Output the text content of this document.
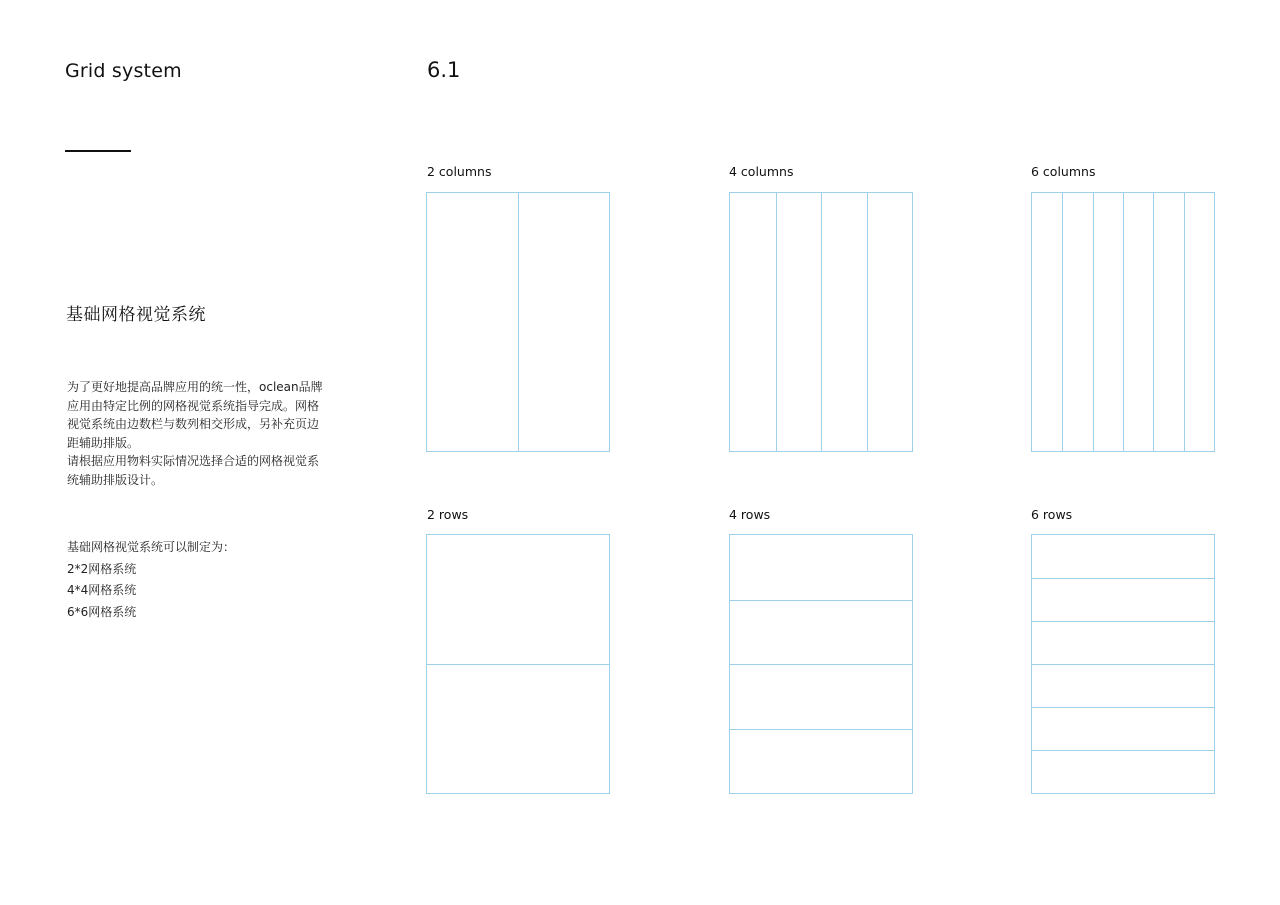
Grid system	6.1
基础网格视觉系统

为了更好地提高品牌应用的统一性，oclean品牌应用由特定比例的网格视觉系统指导完成。网格视觉系统由边数栏与数列相交形成，另补充页边距辅助排版。

请根据应用物料实际情况选择合适的网格视觉系统辅助排版设计。

基础网格视觉系统可以制定为：
2*2网格系统
4*4网格系统
6*6网格系统
2 columns	4 columns	6 columns
2 rows	4 rows	6 rows
